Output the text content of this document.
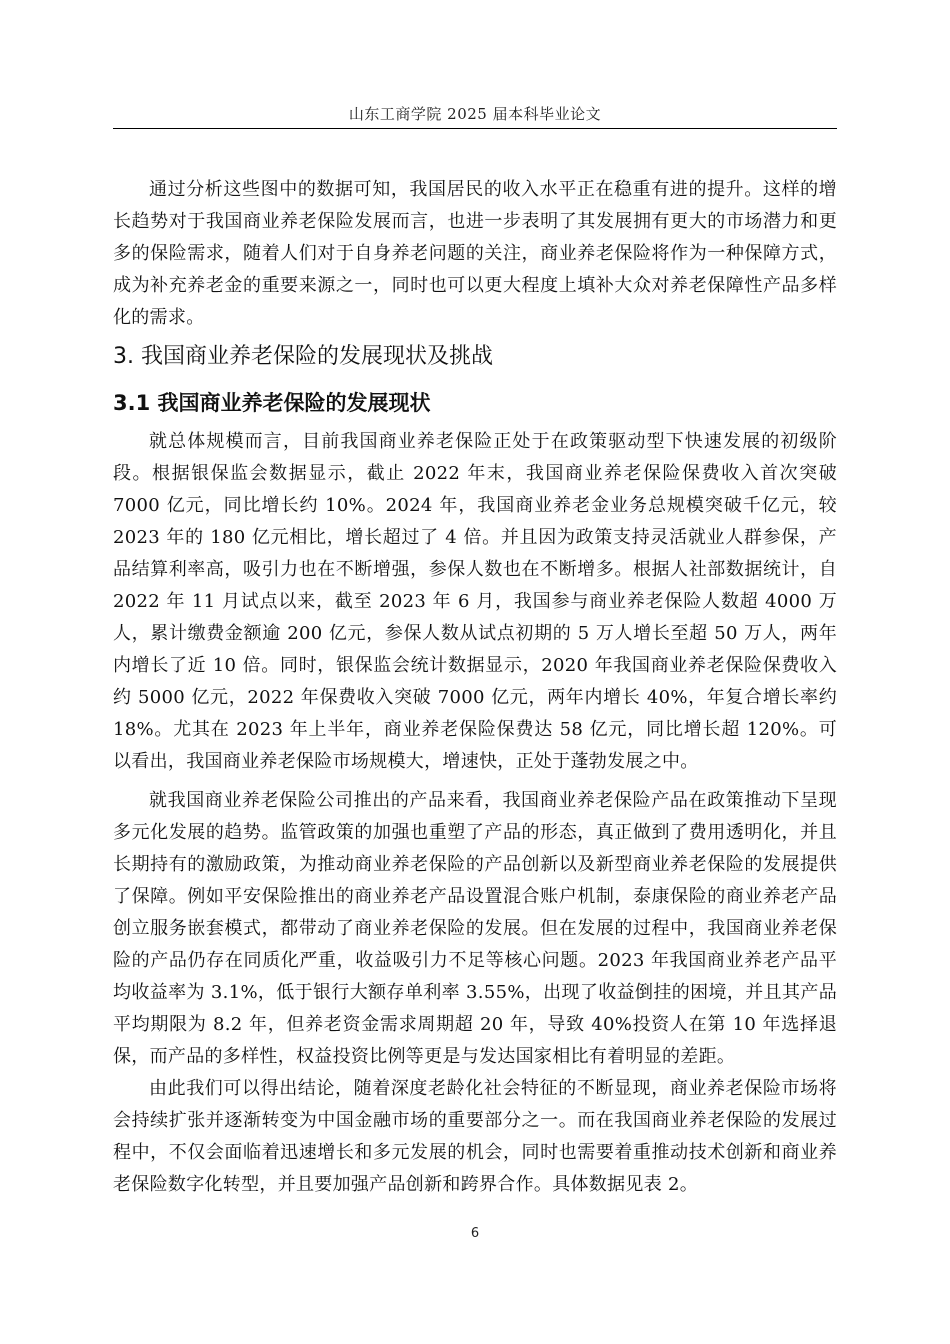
山东工商学院 2025 届本科毕业论文

通过分析这些图中的数据可知，我国居民的收入水平正在稳重有进的提升。这样的增长趋势对于我国商业养老保险发展而言，也进一步表明了其发展拥有更大的市场潜力和更多的保险需求，随着人们对于自身养老问题的关注，商业养老保险将作为一种保障方式，成为补充养老金的重要来源之一，同时也可以更大程度上填补大众对养老保障性产品多样化的需求。

3. 我国商业养老保险的发展现状及挑战
3.1 我国商业养老保险的发展现状

就总体规模而言，目前我国商业养老保险正处于在政策驱动型下快速发展的初级阶段。根据银保监会数据显示，截止 2022 年末，我国商业养老保险保费收入首次突破 7000 亿元，同比增长约 10%。2024 年，我国商业养老金业务总规模突破千亿元，较 2023 年的 180 亿元相比，增长超过了 4 倍。并且因为政策支持灵活就业人群参保，产品结算利率高，吸引力也在不断增强，参保人数也在不断增多。根据人社部数据统计，自 2022 年 11 月试点以来，截至 2023 年 6 月，我国参与商业养老保险人数超 4000 万人，累计缴费金额逾 200 亿元，参保人数从试点初期的 5 万人增长至超 50 万人，两年内增长了近 10 倍。同时，银保监会统计数据显示，2020 年我国商业养老保险保费收入约 5000 亿元，2022 年保费收入突破 7000 亿元，两年内增长 40%，年复合增长率约 18%。尤其在 2023 年上半年，商业养老保险保费达 58 亿元，同比增长超 120%。可以看出，我国商业养老保险市场规模大，增速快，正处于蓬勃发展之中。

就我国商业养老保险公司推出的产品来看，我国商业养老保险产品在政策推动下呈现多元化发展的趋势。监管政策的加强也重塑了产品的形态，真正做到了费用透明化，并且长期持有的激励政策，为推动商业养老保险的产品创新以及新型商业养老保险的发展提供了保障。例如平安保险推出的商业养老产品设置混合账户机制，泰康保险的商业养老产品创立服务嵌套模式，都带动了商业养老保险的发展。但在发展的过程中，我国商业养老保险的产品仍存在同质化严重，收益吸引力不足等核心问题。2023 年我国商业养老产品平均收益率为 3.1%，低于银行大额存单利率 3.55%，出现了收益倒挂的困境，并且其产品平均期限为 8.2 年，但养老资金需求周期超 20 年，导致 40%投资人在第 10 年选择退保，而产品的多样性，权益投资比例等更是与发达国家相比有着明显的差距。

由此我们可以得出结论，随着深度老龄化社会特征的不断显现，商业养老保险市场将会持续扩张并逐渐转变为中国金融市场的重要部分之一。而在我国商业养老保险的发展过程中，不仅会面临着迅速增长和多元发展的机会，同时也需要着重推动技术创新和商业养老保险数字化转型，并且要加强产品创新和跨界合作。具体数据见表 2。

6
